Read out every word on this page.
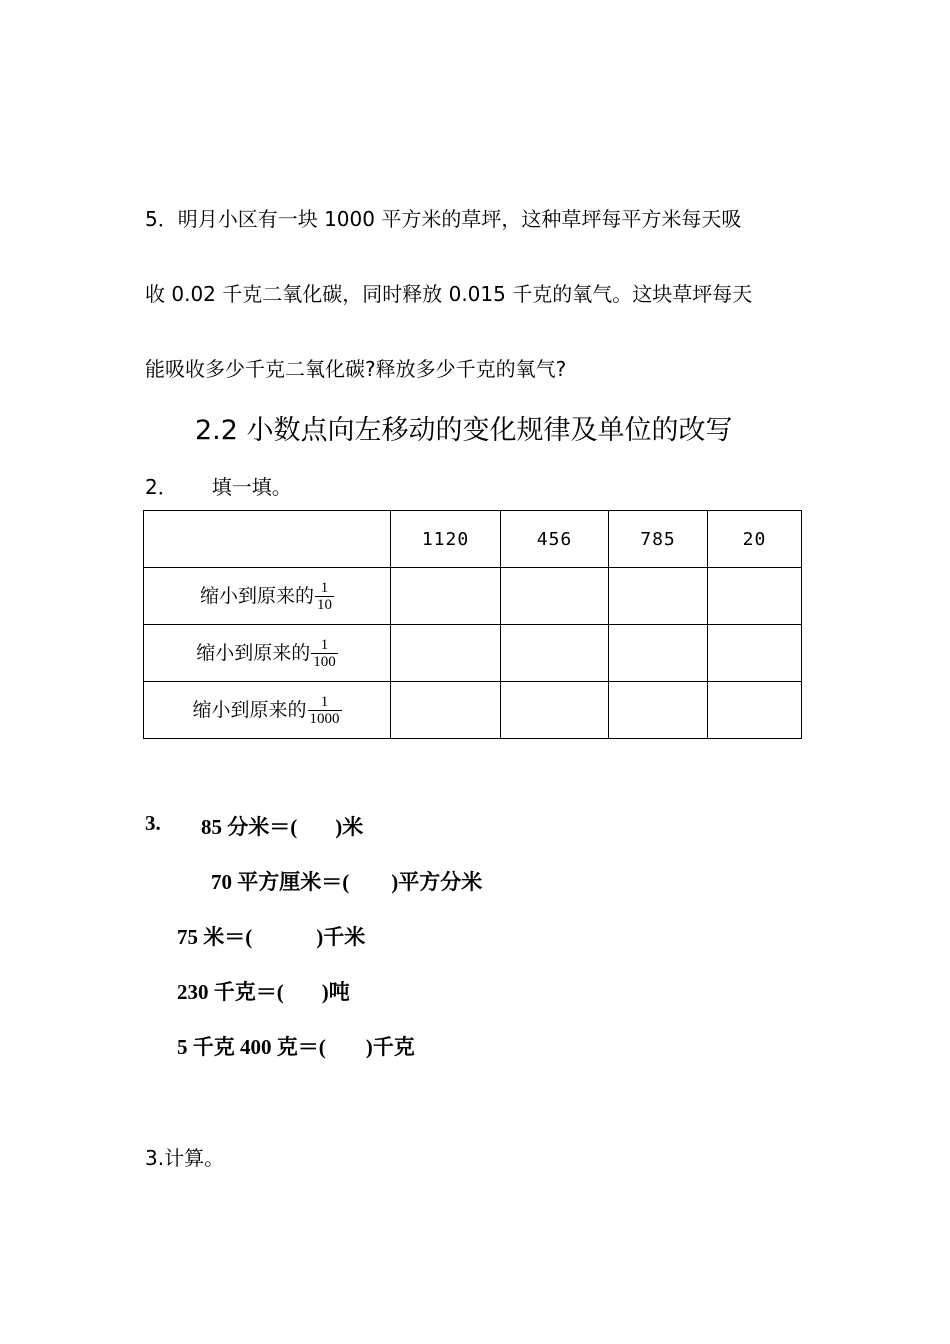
5．明月小区有一块 1000 平方米的草坪，这种草坪每平方米每天吸
收 0.02 千克二氧化碳，同时释放 0.015 千克的氧气。这块草坪每天
能吸收多少千克二氧化碳?释放多少千克的氧气?
2.2 小数点向左移动的变化规律及单位的改写
2． 填一填。
	1120	456	785	20
缩小到原来的 $\frac{1}{10}$

缩小到原来的 $\frac{1}{100}$

缩小到原来的 $\frac{1}{1000}$

3. 85 分米＝( )米
70 平方厘米＝( )平方分米
75 米＝(	)千米
230 千克＝( )吨
5 千克 400 克＝( )千克
3.计算。
